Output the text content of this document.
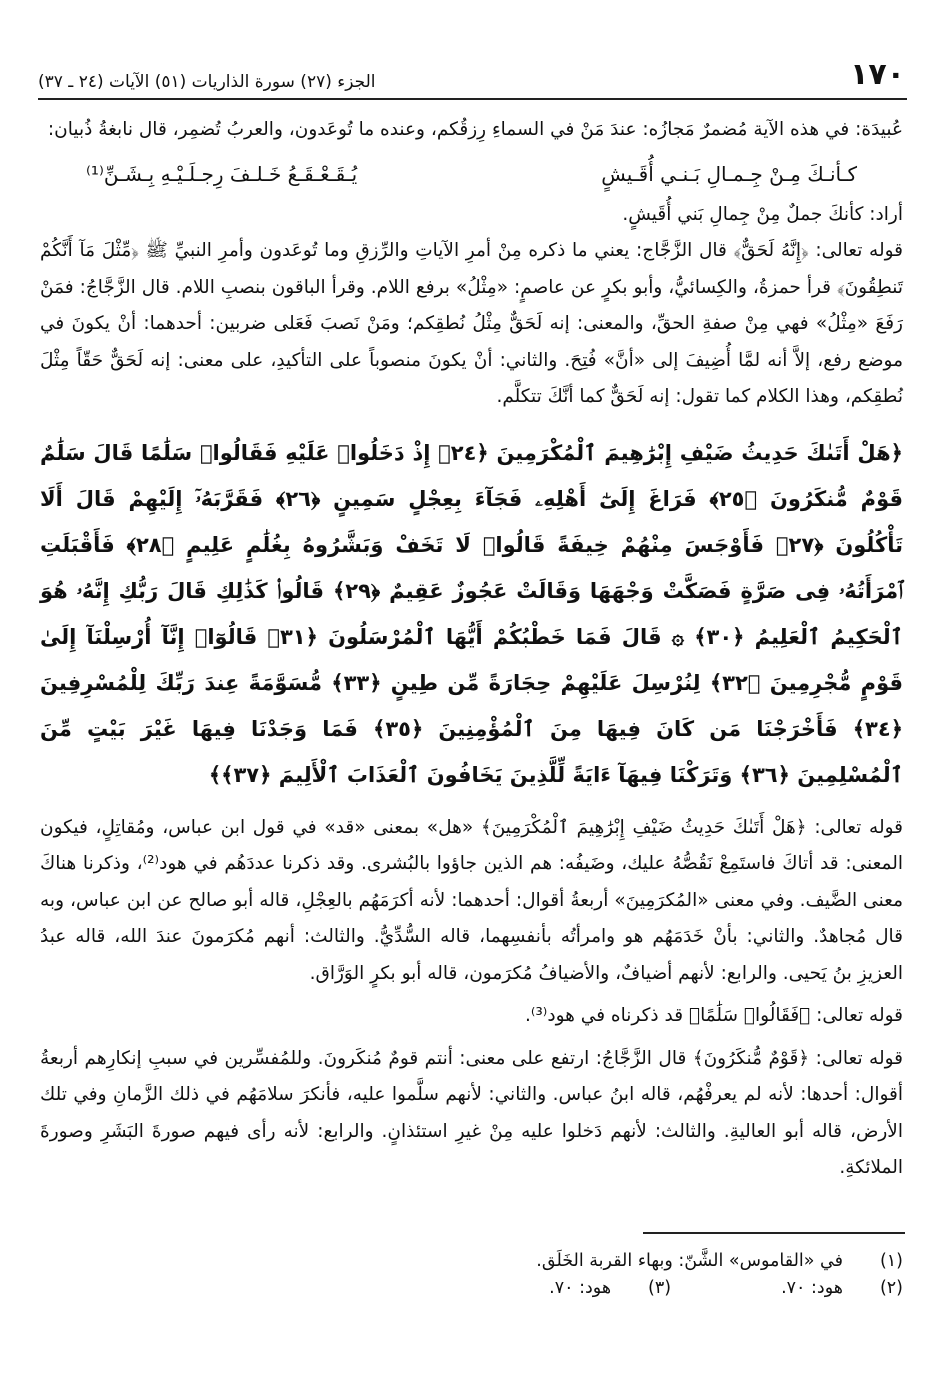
١٧٠
الجزء (٢٧) سورة الذاريات (٥١) الآيات (٢٤ ـ ٣٧)

عُبيدَة: في هذه الآية مُضمرٌ مَجازُه: عندَ مَنْ في السماءِ رِزقُكم، وعنده ما تُوعَدون، والعربُ تُضمِر، قال نابغةُ ذُبيان:

كـأنـكَ مِـنْ جِـمـالِ بَـنـي أُقَـيشٍ
يُـقَـعْـقَـعُ خَـلـفَ رِجـلَـيْـهِ بِـشَـنِّ⁽¹⁾

أراد: كأنكَ جملٌ مِنْ جِمالِ بَني أُقَيشٍ.

قوله تعالى: ﴿إِنَّهُ لَحَقٌّ﴾ قال الزَّجَّاج: يعني ما ذكره مِنْ أمرِ الآياتِ والرِّزقِ وما تُوعَدون وأمرِ النبيِّ ﷺ ﴿مِّثْلَ مَآ أَنَّكُمْ تَنطِقُونَ﴾ قرأ حمزةُ، والكِسائيُّ، وأبو بكرٍ عن عاصمٍ: «مِثْلُ» برفع اللام. وقرأ الباقون بنصبِ اللام. قال الزَّجَّاجُ: فمَنْ رَفَعَ «مِثْلُ» فهي مِنْ صفةِ الحقِّ، والمعنى: إنه لَحَقٌّ مِثْلُ نُطقِكم؛ ومَنْ نَصبَ فَعَلى ضربين: أحدهما: أنْ يكونَ في موضع رفع، إلاَّ أنه لمَّا أُضِيفَ إلى «أنَّ» فُتِحَ. والثاني: أنْ يكونَ منصوباً على التأكيدِ، على معنى: إنه لَحَقٌّ حَقّاً مِثْلَ نُطقِكم، وهذا الكلام كما تقول: إنه لَحَقٌّ كما أنَّكَ تتكلَّم.

﴿هَلْ أَتَىٰكَ حَدِيثُ ضَيْفِ إِبْرَٰهِيمَ ٱلْمُكْرَمِينَ ﴿٢٤﴾ إِذْ دَخَلُوا۟ عَلَيْهِ فَقَالُوا۟ سَلَٰمًا قَالَ سَلَٰمٌ قَوْمٌ مُّنكَرُونَ ﴿٢٥﴾ فَرَاغَ إِلَىٰٓ أَهْلِهِۦ فَجَآءَ بِعِجْلٍ سَمِينٍ ﴿٢٦﴾ فَقَرَّبَهُۥٓ إِلَيْهِمْ قَالَ أَلَا تَأْكُلُونَ ﴿٢٧﴾ فَأَوْجَسَ مِنْهُمْ خِيفَةً قَالُوا۟ لَا تَخَفْ وَبَشَّرُوهُ بِغُلَٰمٍ عَلِيمٍ ﴿٢٨﴾ فَأَقْبَلَتِ ٱمْرَأَتُهُۥ فِى صَرَّةٍ فَصَكَّتْ وَجْهَهَا وَقَالَتْ عَجُوزٌ عَقِيمٌ ﴿٢٩﴾ قَالُوا۟ كَذَٰلِكِ قَالَ رَبُّكِ إِنَّهُۥ هُوَ ٱلْحَكِيمُ ٱلْعَلِيمُ ﴿٣٠﴾ ۞ قَالَ فَمَا خَطْبُكُمْ أَيُّهَا ٱلْمُرْسَلُونَ ﴿٣١﴾ قَالُوٓا۟ إِنَّآ أُرْسِلْنَآ إِلَىٰ قَوْمٍ مُّجْرِمِينَ ﴿٣٢﴾ لِنُرْسِلَ عَلَيْهِمْ حِجَارَةً مِّن طِينٍ ﴿٣٣﴾ مُّسَوَّمَةً عِندَ رَبِّكَ لِلْمُسْرِفِينَ ﴿٣٤﴾ فَأَخْرَجْنَا مَن كَانَ فِيهَا مِنَ ٱلْمُؤْمِنِينَ ﴿٣٥﴾ فَمَا وَجَدْنَا فِيهَا غَيْرَ بَيْتٍ مِّنَ ٱلْمُسْلِمِينَ ﴿٣٦﴾ وَتَرَكْنَا فِيهَآ ءَايَةً لِّلَّذِينَ يَخَافُونَ ٱلْعَذَابَ ٱلْأَلِيمَ ﴿٣٧﴾﴾

قوله تعالى: ﴿هَلْ أَتَىٰكَ حَدِيثُ ضَيْفِ إِبْرَٰهِيمَ ٱلْمُكْرَمِينَ﴾ «هل» بمعنى «قد» في قول ابن عباس، ومُقاتِلٍ، فيكون المعنى: قد أتاكَ فاستَمِعْ نَقُصُّهُ عليك، وضَيفُه: هم الذين جاؤوا بالبُشرى. وقد ذكرنا عددَهُم في هود⁽²⁾، وذكرنا هناكَ معنى الضَّيف. وفي معنى «المُكرَمِينَ» أربعةُ أقوال: أحدهما: لأنه أكرَمَهُم بالعِجْلِ، قاله أبو صالح عن ابن عباس، وبه قال مُجاهدٌ. والثاني: بأنْ خَدَمَهُم هو وامرأتُه بأنفسِهما، قاله السُّدِّيُّ. والثالث: أنهم مُكرَمونَ عندَ الله، قاله عبدُ العزيزِ بنُ يَحيى. والرابع: لأنهم أضيافٌ، والأضيافُ مُكرَمون، قاله أبو بكرٍ الوَرَّاق.

قوله تعالى: ﴿فَقَالُوا۟ سَلَٰمًا﴾ قد ذكرناه في هود⁽³⁾.

قوله تعالى: ﴿قَوْمٌ مُّنكَرُونَ﴾ قال الزَّجَّاجُ: ارتفع على معنى: أنتم قومٌ مُنكَرونَ. وللمُفسِّرين في سببِ إنكارِهم أربعةُ أقوال: أحدها: لأنه لم يعرفْهُم، قاله ابنُ عباس. والثاني: لأنهم سلَّموا عليه، فأنكرَ سلامَهُم في ذلك الزَّمانِ وفي تلك الأرض، قاله أبو العاليةِ. والثالث: لأنهم دَخلوا عليه مِنْ غيرِ استئذانٍ. والرابع: لأنه رأى فيهم صورةَ البَشَرِ وصورةَ الملائكةِ.

(١)
في «القاموس» الشَّنّ: وبهاء القربة الخَلَق.
(٢)
هود: ٧٠.
(٣)
هود: ٧٠.
